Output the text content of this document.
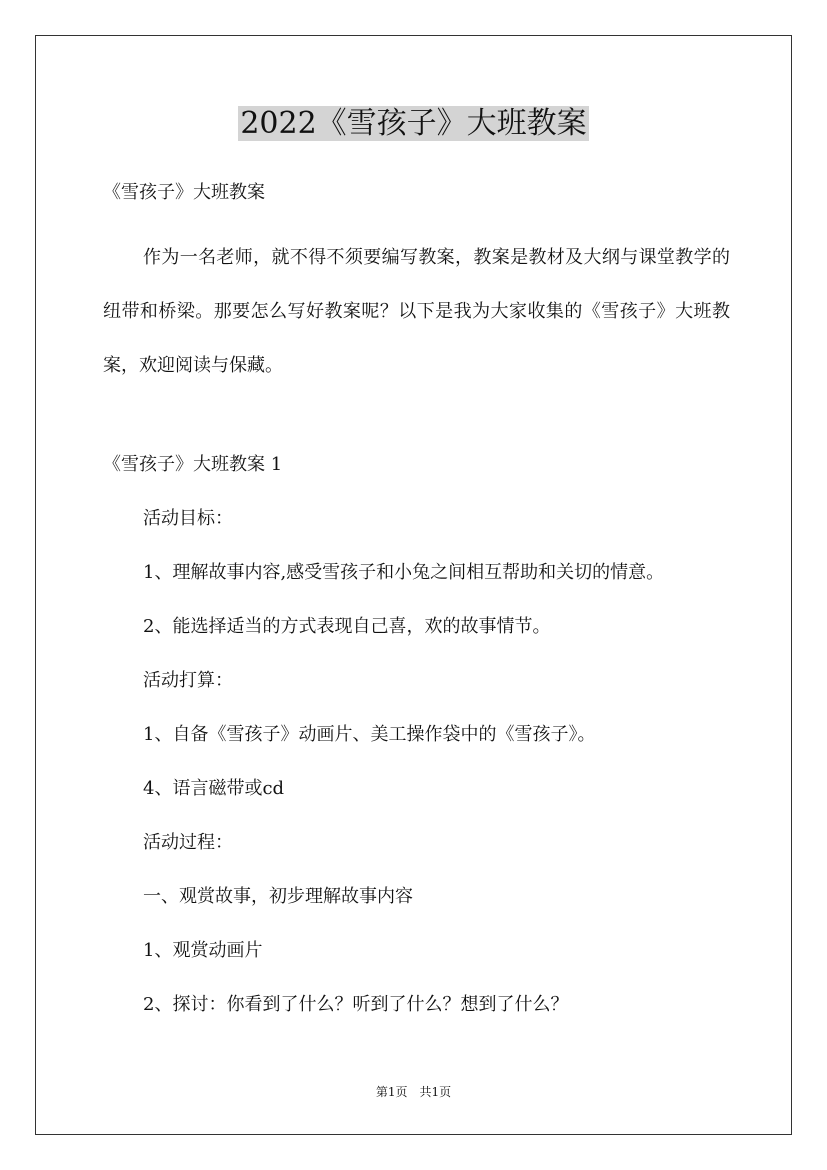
2022《雪孩子》大班教案

《雪孩子》大班教案

作为一名老师，就不得不须要编写教案，教案是教材及大纲与课堂教学的纽带和桥梁。那要怎么写好教案呢？以下是我为大家收集的《雪孩子》大班教案，欢迎阅读与保藏。

《雪孩子》大班教案 1

活动目标：

1、理解故事内容,感受雪孩子和小兔之间相互帮助和关切的情意。

2、能选择适当的方式表现自己喜，欢的故事情节。

活动打算：

1、自备《雪孩子》动画片、美工操作袋中的《雪孩子》。

4、语言磁带或cd

活动过程：

一、观赏故事，初步理解故事内容

1、观赏动画片

2、探讨：你看到了什么？听到了什么？想到了什么？

第1页　共1页
